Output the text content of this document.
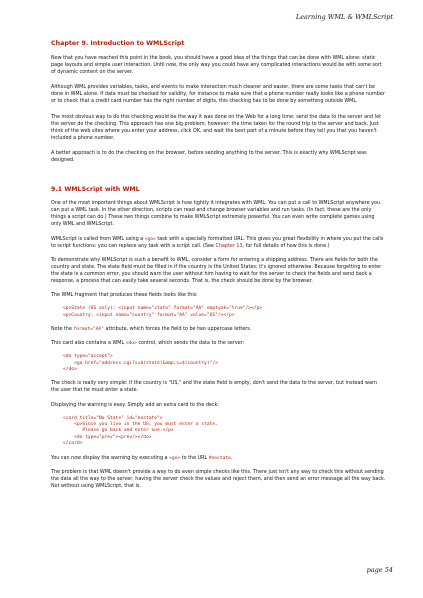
Learning WML & WMLScript
Chapter 9. Introduction to WMLScript

Now that you have reached this point in the book, you should have a good idea of the things that can be done with WML alone: static page layouts and simple user interaction. Until now, the only way you could have any complicated interactions would be with some sort of dynamic content on the server.

Although WML provides variables, tasks, and events to make interaction much cleaner and easier, there are some tasks that can't be done in WML alone. If data must be checked for validity, for instance to make sure that a phone number really looks like a phone number or to check that a credit card number has the right number of digits, this checking has to be done by something outside WML.

The most obvious way to do this checking would be the way it was done on the Web for a long time: send the data to the server and let the server do the checking. This approach has one big problem, however: the time taken for the round trip to the server and back. Just think of the web sites where you enter your address, click OK, and wait the best part of a minute before they tell you that you haven't included a phone number.

A better approach is to do the checking on the browser, before sending anything to the server. This is exactly why WMLScript was designed.

9.1 WMLScript with WML

One of the most important things about WMLScript is how tightly it integrates with WML. You can put a call to WMLScript anywhere you can put a WML task. In the other direction, scripts can read and change browser variables and run tasks. (In fact, these are the only things a script can do.) These two things combine to make WMLScript extremely powerful. You can even write complete games using only WML and WMLScript.

WMLScript is called from WML using a <go> task with a specially formatted URL. This gives you great flexibility in where you put the calls to script functions: you can replace any task with a script call. (See Chapter 13, for full details of how this is done.)

To demonstrate why WMLScript is such a benefit to WML, consider a form for entering a shipping address. There are fields for both the country and state. The state field must be filled in if the country is the United States; it's ignored otherwise. Because forgetting to enter the state is a common error, you should warn the user without him having to wait for the server to check the fields and send back a response, a process that can easily take several seconds. That is, the check should be done by the browser.

The WML fragment that produces these fields looks like this:

<p>State (US only): <input name="state" format="AA" emptyok="true"/></p>
<p>Country: <input name="country" format="AA" value="US"/></p>

Note the format="AA" attribute, which forces the field to be two uppercase letters.

This card also contains a WML <do> control, which sends the data to the server:

<do type="accept">
<go href="address.cgi?s=$(state)&amp;c=$(country)"/>
</do>

The check is really very simple: if the country is "US," and the state field is empty, don't send the data to the server, but instead warn the user that he must enter a state.

Displaying the warning is easy. Simply add an extra card to the deck:

<card title="No State" id="nostate">
<p>Since you live in the US, you must enter a state.
Please go back and enter one.</p>
<do type="prev"><prev/></do>
</card>

You can now display the warning by executing a <go> to the URL #nostate.

The problem is that WML doesn't provide a way to do even simple checks like this. There just isn't any way to check this without sending the data all the way to the server, having the server check the values and reject them, and then send an error message all the way back. Not without using WMLScript, that is.

page 54
